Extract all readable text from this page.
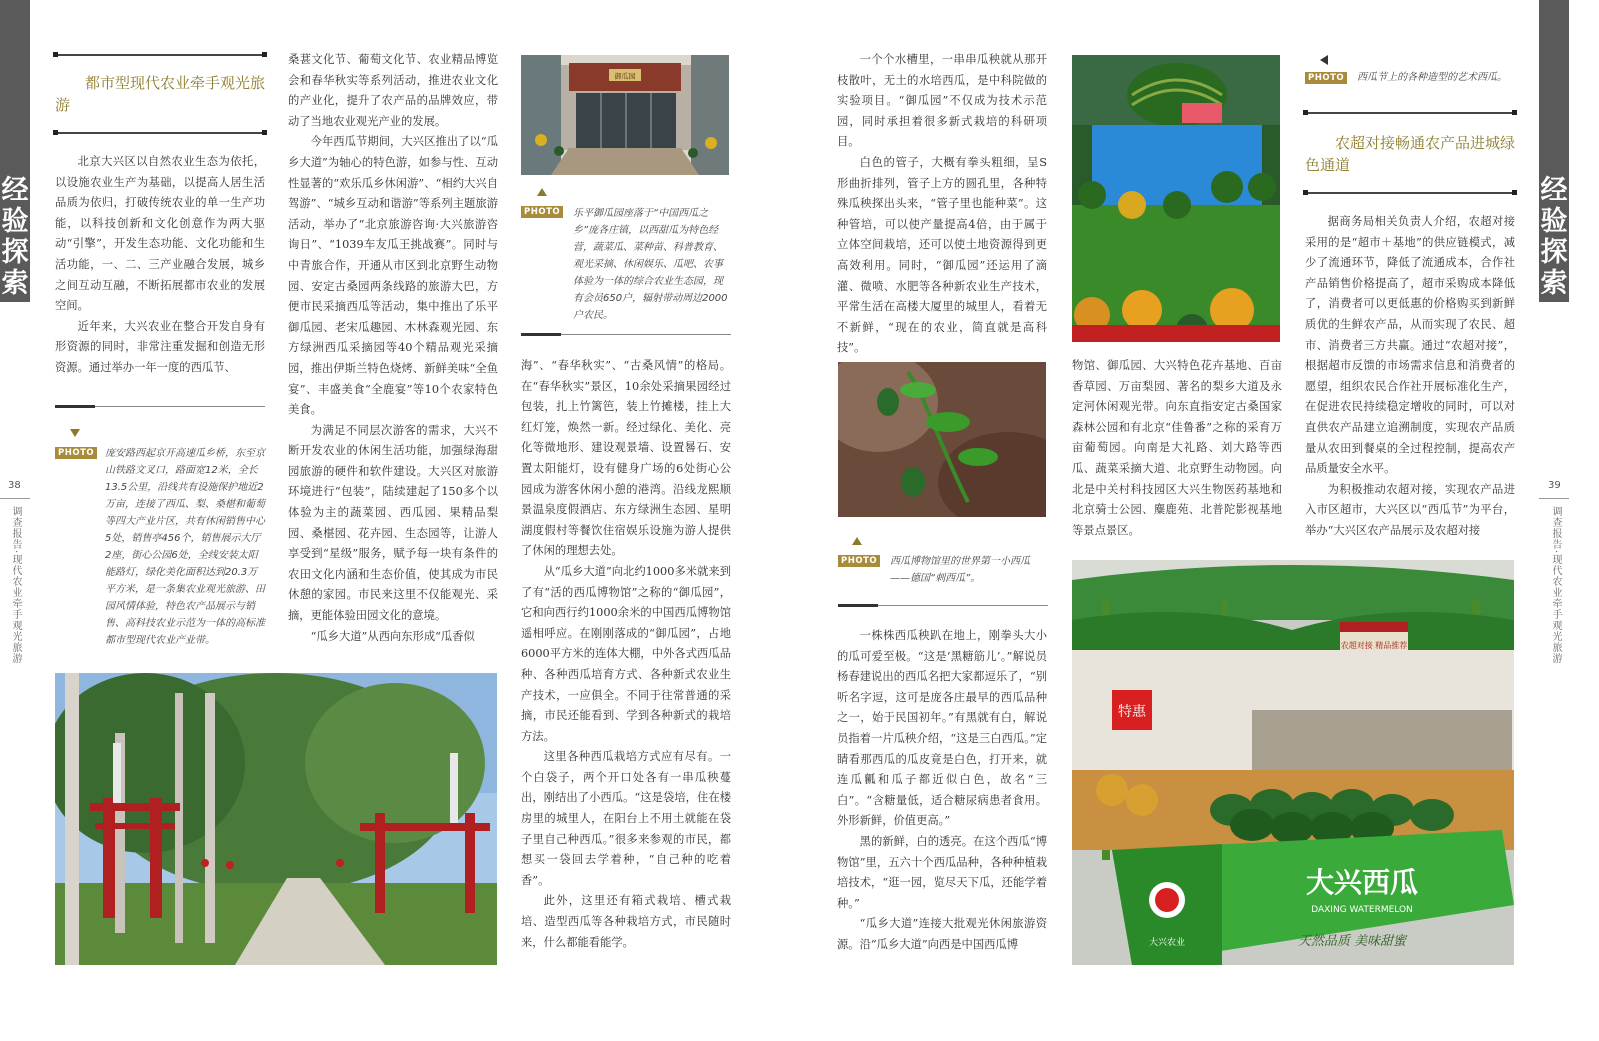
经验探索
38
调查报告·现代农业牵手观光旅游
都市型现代农业牵手观光旅游

北京大兴区以自然农业生态为依托，以设施农业生产为基础，以提高人居生活品质为依归，打破传统农业的单一生产功能，以科技创新和文化创意作为两大驱动“引擎”，开发生态功能、文化功能和生活功能，一、二、三产业融合发展，城乡之间互动互融，不断拓展都市农业的发展空间。

近年来，大兴农业在整合开发自身有形资源的同时，非常注重发掘和创造无形资源。通过举办一年一度的西瓜节、

PHOTO	庞安路西起京开高速瓜乡桥，东至京山铁路文叉口，路面宽12米，全长13.5公里，沿线共有设施保护地近2万亩，连接了西瓜、梨、桑椹和葡萄等四大产业片区，共有休闲销售中心5处，销售亭456个，销售展示大厅2座，街心公园6处，全线安装太阳能路灯，绿化美化面积达到20.3万平方米，是一条集农业观光旅游、田园风情体验，特色农产品展示与销售、高科技农业示范为一体的高标准都市型现代农业产业带。

桑葚文化节、葡萄文化节、农业精品博览会和春华秋实等系列活动，推进农业文化的产业化，提升了农产品的品牌效应，带动了当地农业观光产业的发展。

今年西瓜节期间，大兴区推出了以“瓜乡大道”为轴心的特色游，如参与性、互动性显著的“欢乐瓜乡休闲游”、“相约大兴自驾游”、“城乡互动和谐游”等系列主题旅游活动，举办了“北京旅游咨询·大兴旅游咨询日”、“1039车友瓜王挑战赛”。同时与中青旅合作，开通从市区到北京野生动物园、安定古桑园两条线路的旅游大巴，方便市民采摘西瓜等活动，集中推出了乐平御瓜园、老宋瓜趣园、木林森观光园、东方绿洲西瓜采摘园等40个精品观光采摘园，推出伊斯兰特色烧烤、新鲜美味“全鱼宴”、丰盛美食“全鹿宴”等10个农家特色美食。

为满足不同层次游客的需求，大兴不断开发农业的休闲生活功能，加强绿海甜园旅游的硬件和软件建设。大兴区对旅游环境进行“包装”，陆续建起了150多个以体验为主的蔬菜园、西瓜园、果精品梨园、桑椹园、花卉园、生态园等，让游人享受到“星级”服务，赋予每一块有条件的农田文化内涵和生态价值，使其成为市民休憩的家园。市民来这里不仅能观光、采摘，更能体验田园文化的意境。

“瓜乡大道”从西向东形成“瓜香似

御瓜园
PHOTO	乐平御瓜园座落于“中国西瓜之乡”庞各庄镇，以西甜瓜为特色经营，蔬菜瓜、菜种苗、科普教育、观光采摘、休闲娱乐、瓜吧、农事体验为一体的综合农业生态园，现有会员650户，辐射带动周边2000户农民。

海”、“春华秋实”、“古桑风情”的格局。在“春华秋实”景区，10余处采摘果园经过包装，扎上竹篱笆，装上竹摊楼，挂上大红灯笼，焕然一新。经过绿化、美化、亮化等微地形、建设观景墙、设置晷石、安置太阳能灯，设有健身广场的6处街心公园成为游客休闲小憩的港湾。沿线龙熙顺景温泉度假酒店、东方绿洲生态园、星明湖度假村等餐饮住宿娱乐设施为游人提供了休闲的理想去处。

从“瓜乡大道”向北约1000多米就来到了有“活的西瓜博物馆”之称的“御瓜园”，它和向西行约1000余米的中国西瓜博物馆遥相呼应。在刚刚落成的“御瓜园”，占地6000平方米的连体大棚，中外各式西瓜品种、各种西瓜培育方式、各种新式农业生产技术，一应俱全。不同于往常普通的采摘，市民还能看到、学到各种新式的栽培方法。

这里各种西瓜栽培方式应有尽有。一个白袋子，两个开口处各有一串瓜秧蔓出，刚结出了小西瓜。“这是袋培，住在楼房里的城里人，在阳台上不用土就能在袋子里自己种西瓜。”很多来参观的市民，都想买一袋回去学着种，“自己种的吃着香”。

此外，这里还有箱式栽培、槽式栽培、造型西瓜等各种栽培方式，市民随时来，什么都能看能学。

一个个水槽里，一串串瓜秧就从那开枝散叶，无土的水培西瓜，是中科院做的实验项目。“御瓜园”不仅成为技术示范园，同时承担着很多新式栽培的科研项目。

白色的管子，大概有拳头粗细，呈S形曲折排列，管子上方的圆孔里，各种特殊瓜秧探出头来，“管子里也能种菜”。这种管培，可以使产量提高4倍，由于属于立体空间栽培，还可以使土地资源得到更高效利用。同时，“御瓜园”还运用了滴灌、微喷、水肥等各种新农业生产技术，平常生活在高楼大厦里的城里人，看着无不新鲜，“现在的农业，简直就是高科技”。

PHOTO	西瓜博物馆里的世界第一小西瓜——德国“刺西瓜”。

一株株西瓜秧趴在地上，刚拳头大小的瓜可爱至极。“这是‘黑糖筋儿’。”解说员杨春建说出的西瓜名把大家都逗乐了，“别听名字逗，这可是庞各庄最早的西瓜品种之一，始于民国初年。”有黑就有白，解说员指着一片瓜秧介绍，“这是三白西瓜。”定睛看那西瓜的瓜皮竟是白色，打开来，就连瓜瓤和瓜子都近似白色，故名“三白”。“含糖量低，适合糖尿病患者食用。外形新鲜，价值更高。”

黑的新鲜，白的透亮。在这个西瓜“博物馆”里，五六十个西瓜品种，各种种植栽培技术，“逛一园，览尽天下瓜，还能学着种。”

“瓜乡大道”连接大批观光休闲旅游资源。沿“瓜乡大道”向西是中国西瓜博

物馆、御瓜园、大兴特色花卉基地、百亩香草园、万亩梨园、著名的梨乡大道及永定河休闲观光带。向东直指安定古桑国家森林公园和有北京“佳鲁番”之称的采育万亩葡萄园。向南是大礼路、刘大路等西瓜、蔬菜采摘大道、北京野生动物园。向北是中关村科技园区大兴生物医药基地和北京骑士公园、麋鹿苑、北普陀影视基地等景点景区。

PHOTO	西瓜节上的各种造型的艺术西瓜。
农超对接畅通农产品进城绿色通道

据商务局相关负责人介绍，农超对接采用的是“超市＋基地”的供应链模式，减少了流通环节，降低了流通成本，合作社产品销售价格提高了，超市采购成本降低了，消费者可以更低惠的价格购买到新鲜质优的生鲜农产品，从而实现了农民、超市、消费者三方共赢。通过“农超对接”，根据超市反馈的市场需求信息和消费者的愿望，组织农民合作社开展标准化生产，在促进农民持续稳定增收的同时，可以对直供农产品建立追溯制度，实现农产品质量从农田到餐桌的全过程控制，提高农产品质量安全水平。

为积极推动农超对接，实现农产品进入市区超市，大兴区以“西瓜节”为平台，举办“大兴区农产品展示及农超对接

农超对接 精品推荐
特惠
大兴农业
大兴西瓜
DAXING WATERMELON
天然品质 美味甜蜜
经验探索
39
调查报告·现代农业牵手观光旅游
